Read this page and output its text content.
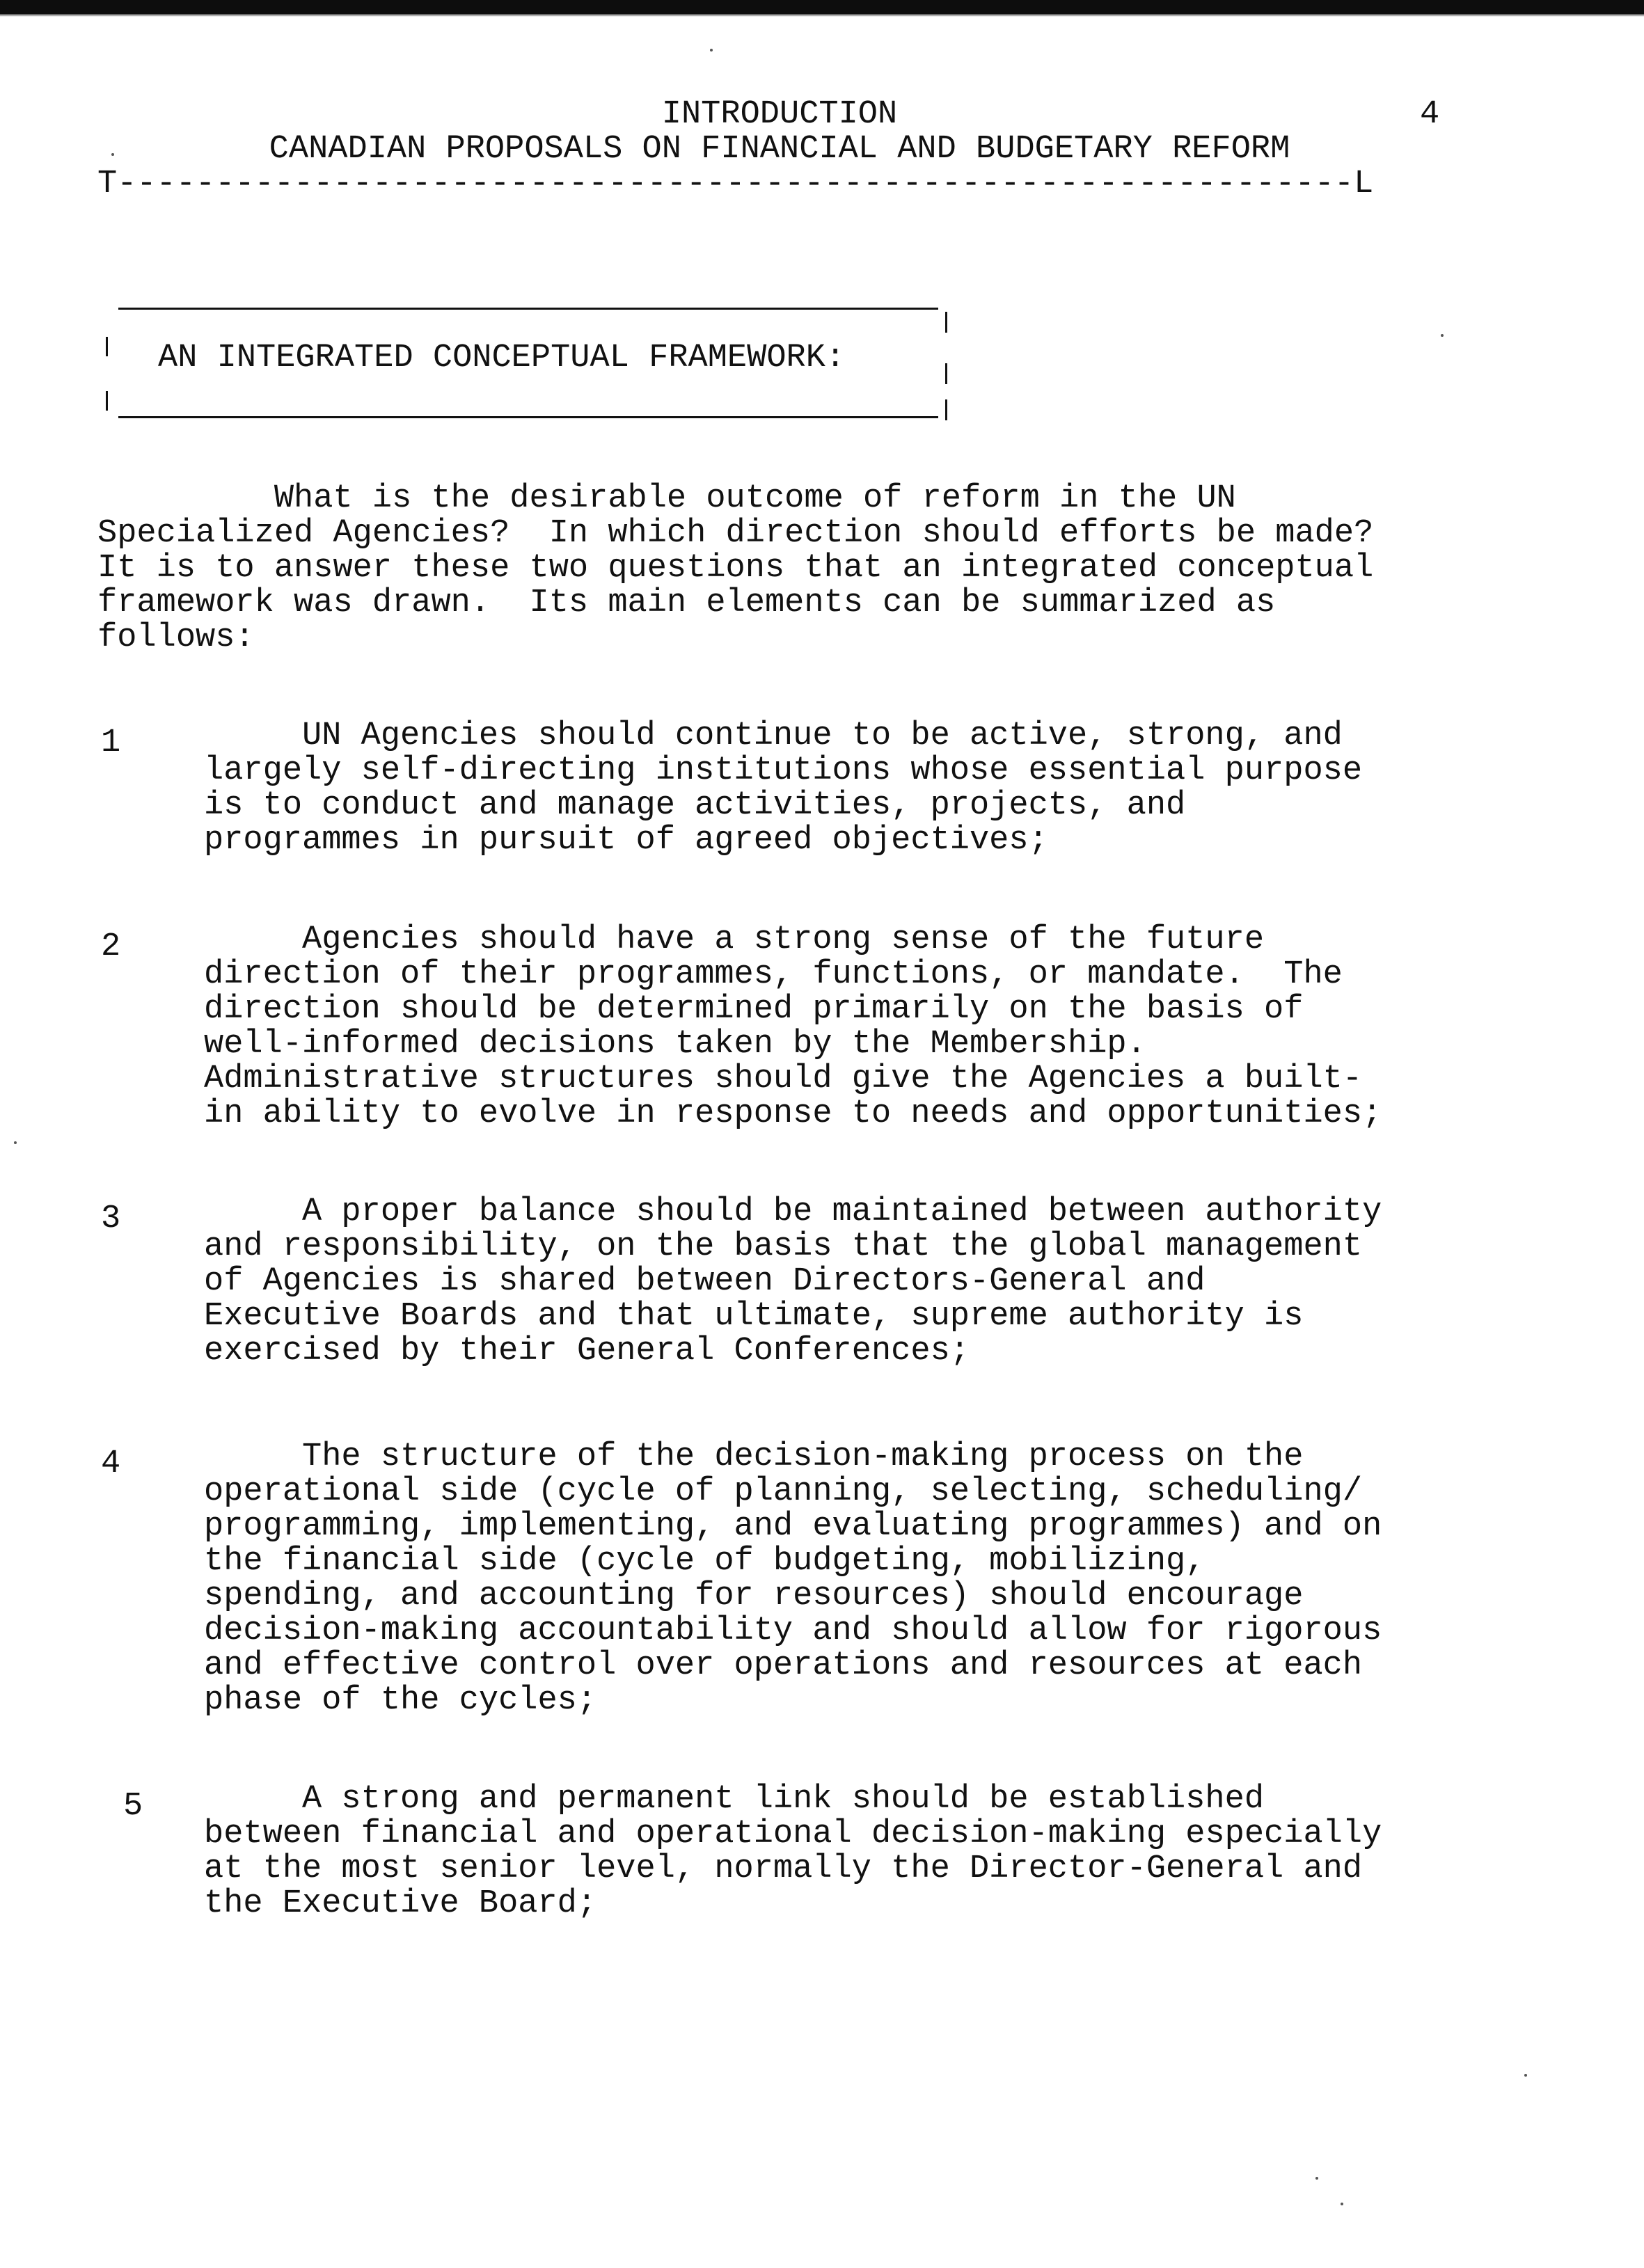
INTRODUCTION	4

CANADIAN PROPOSALS ON FINANCIAL AND BUDGETARY REFORM

T---------------------------------------------------------------L

AN INTEGRATED CONCEPTUAL FRAMEWORK:

What is the desirable outcome of reform in the UN
Specialized Agencies?  In which direction should efforts be made?
It is to answer these two questions that an integrated conceptual
framework was drawn.  Its main elements can be summarized as
follows:

1	UN Agencies should continue to be active, strong, and
largely self-directing institutions whose essential purpose
is to conduct and manage activities, projects, and
programmes in pursuit of agreed objectives;

2	Agencies should have a strong sense of the future
direction of their programmes, functions, or mandate.  The
direction should be determined primarily on the basis of
well-informed decisions taken by the Membership.
Administrative structures should give the Agencies a built-
in ability to evolve in response to needs and opportunities;

3	A proper balance should be maintained between authority
and responsibility, on the basis that the global management
of Agencies is shared between Directors-General and
Executive Boards and that ultimate, supreme authority is
exercised by their General Conferences;

4	The structure of the decision-making process on the
operational side (cycle of planning, selecting, scheduling/
programming, implementing, and evaluating programmes) and on
the financial side (cycle of budgeting, mobilizing,
spending, and accounting for resources) should encourage
decision-making accountability and should allow for rigorous
and effective control over operations and resources at each
phase of the cycles;

5	A strong and permanent link should be established
between financial and operational decision-making especially
at the most senior level, normally the Director-General and
the Executive Board;
